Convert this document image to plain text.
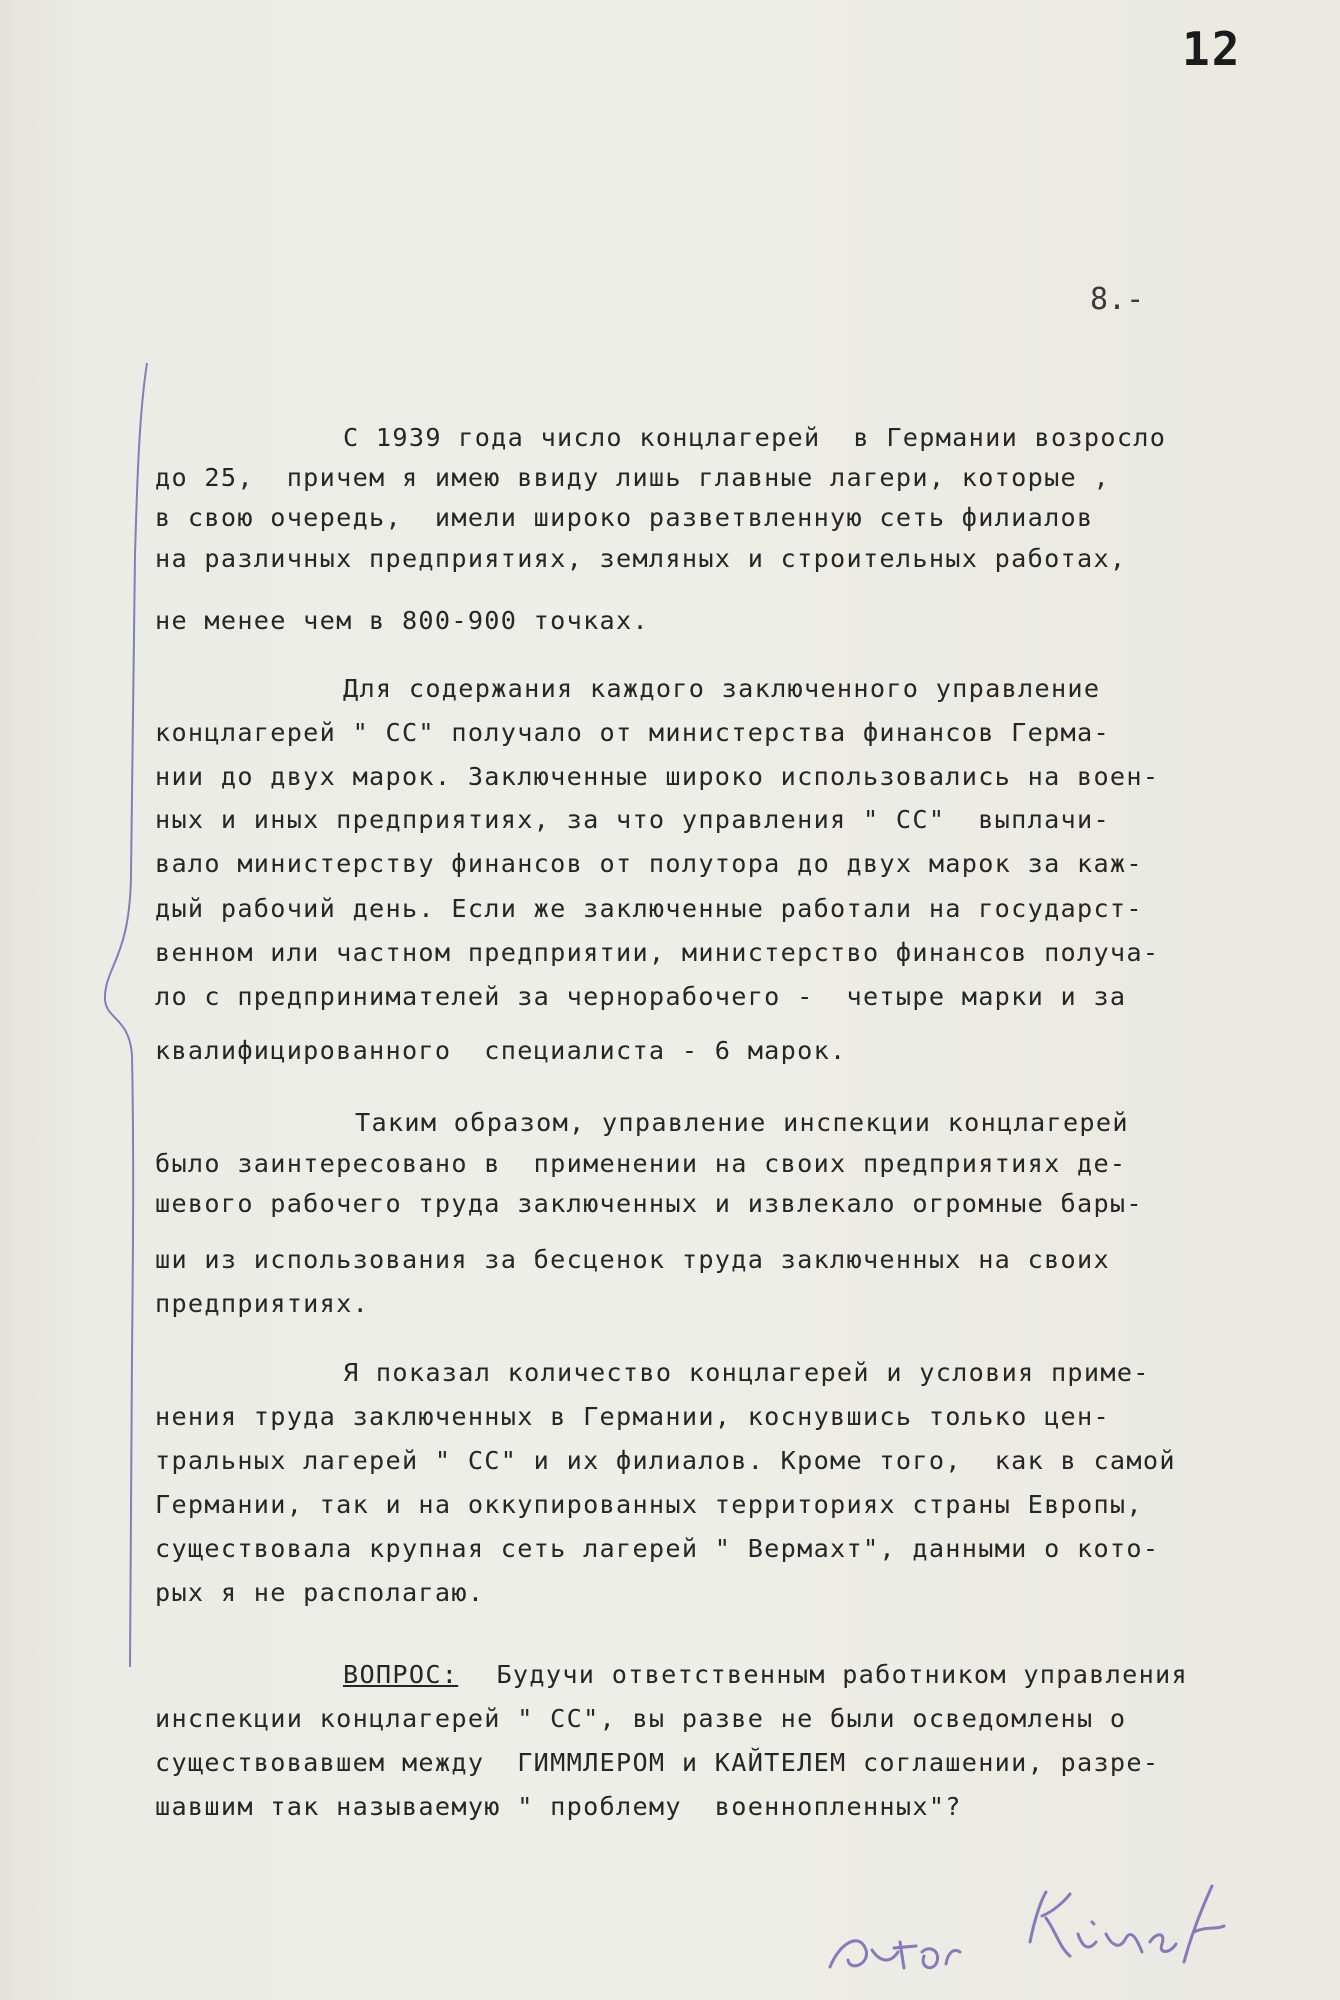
12
8.-
С 1939 года число концлагерей  в Германии возросло
до 25,  причем я имею ввиду лишь главные лагери, которые ,
в свою очередь,  имели широко разветвленную сеть филиалов
на различных предприятиях, земляных и строительных работах,
не менее чем в 800-900 точках.
Для содержания каждого заключенного управление
концлагерей " СС" получало от министерства финансов Герма-
нии до двух марок. Заключенные широко использовались на воен-
ных и иных предприятиях, за что управления " СС"  выплачи-
вало министерству финансов от полутора до двух марок за каж-
дый рабочий день. Если же заключенные работали на государст-
венном или частном предприятии, министерство финансов получа-
ло с предпринимателей за чернорабочего -  четыре марки и за
квалифицированного  специалиста - 6 марок.
Таким образом, управление инспекции концлагерей
было заинтересовано в  применении на своих предприятиях де-
шевого рабочего труда заключенных и извлекало огромные бары-
ши из использования за бесценок труда заключенных на своих
предприятиях.
Я показал количество концлагерей и условия приме-
нения труда заключенных в Германии, коснувшись только цен-
тральных лагерей " СС" и их филиалов. Кроме того,  как в самой
Германии, так и на оккупированных территориях страны Европы,
существовала крупная сеть лагерей " Вермахт", данными о кото-
рых я не располагаю.
ВОПРОС: Будучи ответственным работником управления
инспекции концлагерей " СС", вы разве не были осведомлены о
существовавшем между  ГИММЛЕРОМ и КАЙТЕЛЕМ соглашении, разре-
шавшим так называемую " проблему  военнопленных"?
